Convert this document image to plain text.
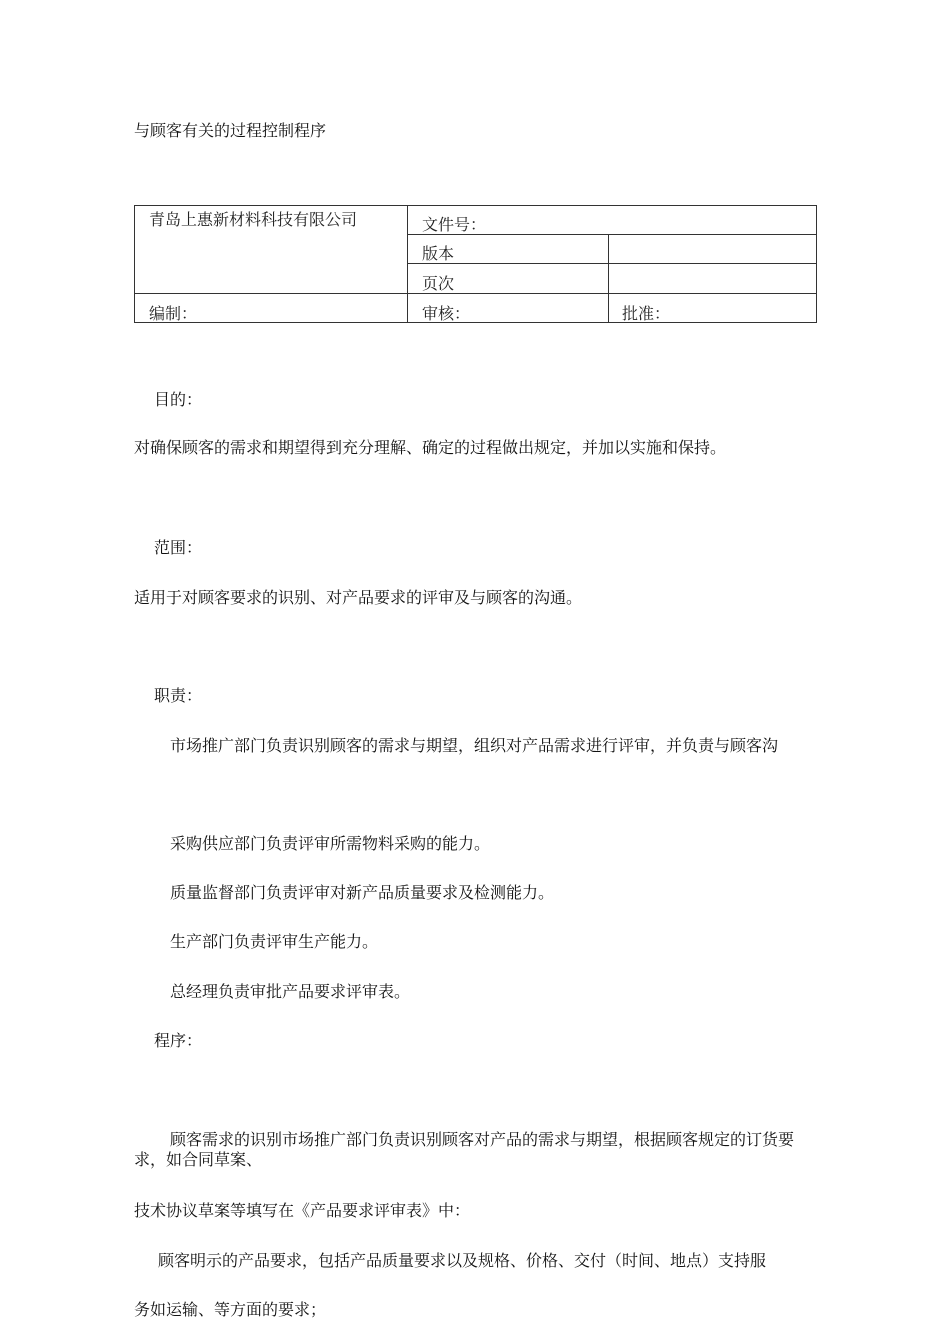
与顾客有关的过程控制程序
青岛上惠新材料科技有限公司	文件号：
版本
页次
编制：	审核：	批准：
目的：
对确保顾客的需求和期望得到充分理解、确定的过程做出规定，并加以实施和保持。
范围：
适用于对顾客要求的识别、对产品要求的评审及与顾客的沟通。
职责：
市场推广部门负责识别顾客的需求与期望，组织对产品需求进行评审，并负责与顾客沟
采购供应部门负责评审所需物料采购的能力。
质量监督部门负责评审对新产品质量要求及检测能力。
生产部门负责评审生产能力。
总经理负责审批产品要求评审表。
程序：
顾客需求的识别市场推广部门负责识别顾客对产品的需求与期望，根据顾客规定的订货要求，如合同草案、
技术协议草案等填写在《产品要求评审表》中：
顾客明示的产品要求，包括产品质量要求以及规格、价格、交付（时间、地点）支持服
务如运输、等方面的要求；
